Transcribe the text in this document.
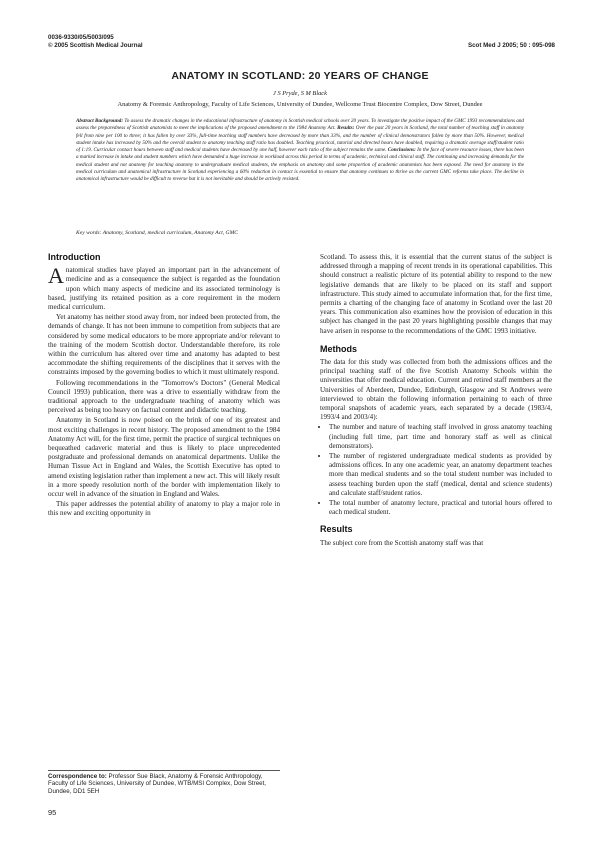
0036-9330/05/5003/095
© 2005 Scottish Medical Journal	Scot Med J 2005; 50 : 095-098
ANATOMY IN SCOTLAND: 20 YEARS OF CHANGE
J S Pryde, S M Black
Anatomy & Forensic Anthropology, Faculty of Life Sciences, University of Dundee, Wellcome Trust Biocentre Complex, Dow Street, Dundee
Abstract Background: To assess the dramatic changes in the educational infrastructure of anatomy in Scottish medical schools over 20 years. To investigate the positive impact of the GMC 1993 recommendations and assess the preparedness of Scottish anatomists to meet the implications of the proposed amendment to the 1984 Anatomy Act. Results: Over the past 20 years in Scotland, the total number of teaching staff in anatomy fell from nine per 100 to three; it has fallen by over 33%, full-time teaching staff numbers have decreased by more than 33%, and the number of clinical demonstrators fallen by more than 50%. However, medical student intake has increased by 50% and the overall student to anatomy teaching staff ratio has doubled. Teaching practical, tutorial and directed hours have doubled, requiring a dramatic average staff/student ratio of 1:19. Curricular contact hours between staff and medical students have decreased by one half, however each ratio of the subject remains the same. Conclusions: In the face of severe resource losses, there has been a marked increase in intake and student numbers which have demanded a huge increase in workload across this period in terms of academic, technical and clinical staff. The continuing and increasing demands for the medical student and not anatomy for teaching anatomy to undergraduate medical students, the emphasis on anatomy and some proportion of academic anatomists has been exposed. The need for anatomy in the medical curriculum and anatomical infrastructure in Scotland experiencing a 60% reduction in contact is essential to ensure that anatomy continues to thrive as the current GMC reforms take place. The decline in anatomical infrastructure would be difficult to reverse but it is not inevitable and should be actively resisted.
Key words: Anatomy, Scotland, medical curriculum, Anatomy Act, GMC
Introduction

Anatomical studies have played an important part in the advancement of medicine and as a consequence the subject is regarded as the foundation upon which many aspects of medicine and its associated terminology is based, justifying its retained position as a core requirement in the modern medical curriculum.

Yet anatomy has neither stood away from, nor indeed been protected from, the demands of change. It has not been immune to competition from subjects that are considered by some medical educators to be more appropriate and/or relevant to the training of the modern Scottish doctor. Understandable therefore, its role within the curriculum has altered over time and anatomy has adapted to best accommodate the shifting requirements of the disciplines that it serves with the constraints imposed by the governing bodies to which it must ultimately respond.

Following recommendations in the "Tomorrow's Doctors" (General Medical Council 1993) publication, there was a drive to essentially withdraw from the traditional approach to the undergraduate teaching of anatomy which was perceived as being too heavy on factual content and didactic teaching.

Anatomy in Scotland is now poised on the brink of one of its greatest and most exciting challenges in recent history. The proposed amendment to the 1984 Anatomy Act will, for the first time, permit the practice of surgical techniques on bequeathed cadaveric material and thus is likely to place unprecedented postgraduate and professional demands on anatomical departments. Unlike the Human Tissue Act in England and Wales, the Scottish Executive has opted to amend existing legislation rather than implement a new act. This will likely result in a more speedy resolution north of the border with implementation likely to occur well in advance of the situation in England and Wales.

This paper addresses the potential ability of anatomy to play a major role in this new and exciting opportunity in

Correspondence to: Professor Sue Black, Anatomy & Forensic Anthropology, Faculty of Life Sciences, University of Dundee, WTB/MSI Complex, Dow Street, Dundee, DD1 5EH
95

Scotland. To assess this, it is essential that the current status of the subject is addressed through a mapping of recent trends in its operational capabilities. This should construct a realistic picture of its potential ability to respond to the new legislative demands that are likely to be placed on its staff and support infrastructure. This study aimed to accumulate information that, for the first time, permits a charting of the changing face of anatomy in Scotland over the last 20 years. This communication also examines how the provision of education in this subject has changed in the past 20 years highlighting possible changes that may have arisen in response to the recommendations of the GMC 1993 initiative.

Methods

The data for this study was collected from both the admissions offices and the principal teaching staff of the five Scottish Anatomy Schools within the universities that offer medical education. Current and retired staff members at the Universities of Aberdeen, Dundee, Edinburgh, Glasgow and St Andrews were interviewed to obtain the following information pertaining to each of three temporal snapshots of academic years, each separated by a decade (1983/4, 1993/4 and 2003/4):

• The number and nature of teaching staff involved in gross anatomy teaching (including full time, part time and honorary staff as well as clinical demonstrators).
• The number of registered undergraduate medical students as provided by admissions offices. In any one academic year, an anatomy department teaches more than medical students and so the total student number was included to assess teaching burden upon the staff (medical, dental and science students) and calculate staff/student ratios.
• The total number of anatomy lecture, practical and tutorial hours offered to each medical student.
Results

The subject core from the Scottish anatomy staff was that
